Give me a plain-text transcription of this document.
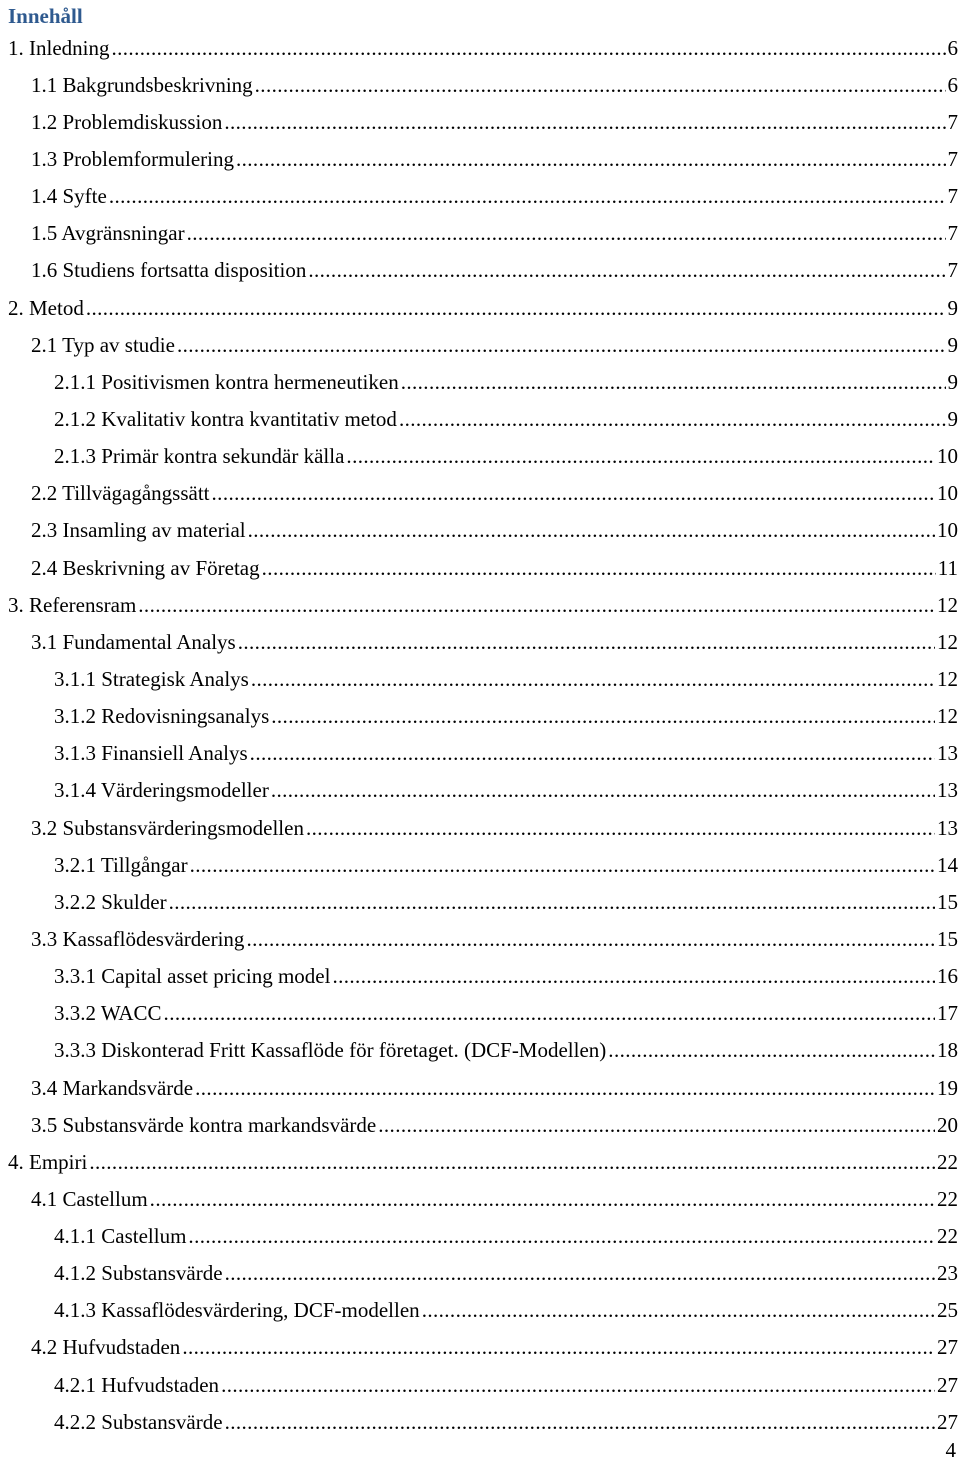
Innehåll
1. Inledning .....	6
1.1 Bakgrundsbeskrivning .....	6
1.2 Problemdiskussion .....	7
1.3 Problemformulering .....	7
1.4 Syfte .....	7
1.5 Avgränsningar .....	7
1.6 Studiens fortsatta disposition .....	7
2. Metod .....	9
2.1 Typ av studie .....	9
2.1.1 Positivismen kontra hermeneutiken .....	9
2.1.2 Kvalitativ kontra kvantitativ metod .....	9
2.1.3 Primär kontra sekundär källa .....	10
2.2 Tillvägagångssätt .....	10
2.3 Insamling av material .....	10
2.4 Beskrivning av Företag .....	11
3. Referensram .....	12
3.1 Fundamental Analys .....	12
3.1.1 Strategisk Analys .....	12
3.1.2 Redovisningsanalys .....	12
3.1.3 Finansiell Analys .....	13
3.1.4 Värderingsmodeller .....	13
3.2 Substansvärderingsmodellen .....	13
3.2.1 Tillgångar .....	14
3.2.2 Skulder .....	15
3.3 Kassaflödesvärdering .....	15
3.3.1 Capital asset pricing model .....	16
3.3.2 WACC .....	17
3.3.3 Diskonterad Fritt Kassaflöde för företaget. (DCF-Modellen) .....	18
3.4 Markandsvärde .....	19
3.5 Substansvärde kontra markandsvärde .....	20
4. Empiri .....	22
4.1 Castellum .....	22
4.1.1 Castellum .....	22
4.1.2 Substansvärde .....	23
4.1.3 Kassaflödesvärdering, DCF-modellen .....	25
4.2 Hufvudstaden .....	27
4.2.1 Hufvudstaden .....	27
4.2.2 Substansvärde .....	27
4
